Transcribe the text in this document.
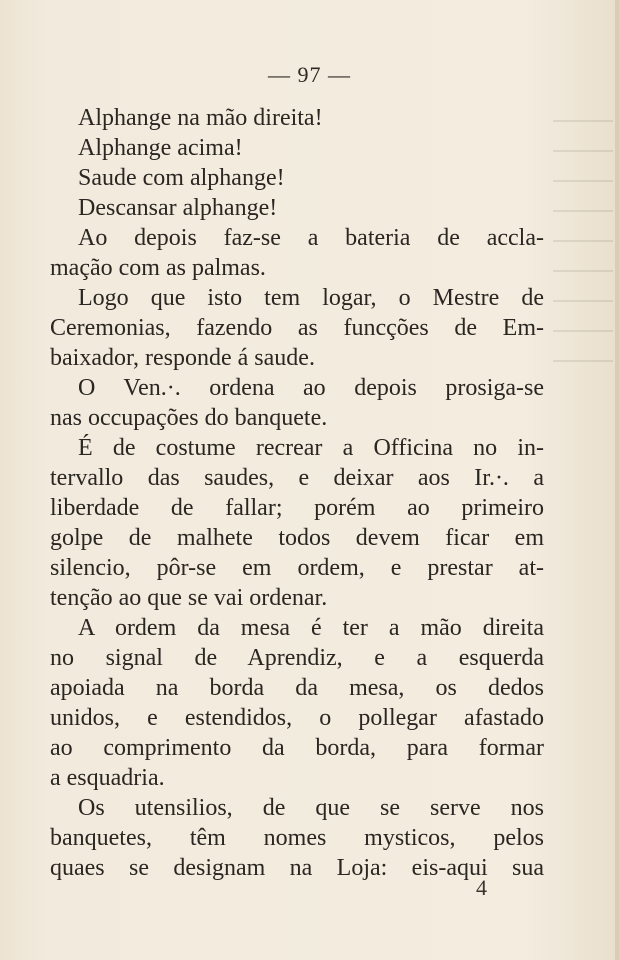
— 97 —
Alphange na mão direita!
Alphange acima!
Saude com alphange!
Descansar alphange!
Ao depois faz-se a bateria de accla-
mação com as palmas.
Logo que isto tem logar, o Mestre de
Ceremonias, fazendo as funcções de Em-
baixador, responde á saude.
O Ven.·. ordena ao depois prosiga-se
nas occupações do banquete.
É de costume recrear a Officina no in-
tervallo das saudes, e deixar aos Ir.·. a
liberdade de fallar; porém ao primeiro
golpe de malhete todos devem ficar em
silencio, pôr-se em ordem, e prestar at-
tenção ao que se vai ordenar.
A ordem da mesa é ter a mão direita
no signal de Aprendiz, e a esquerda
apoiada na borda da mesa, os dedos
unidos, e estendidos, o pollegar afastado
ao comprimento da borda, para formar
a esquadria.
Os utensilios, de que se serve nos
banquetes, têm nomes mysticos, pelos
quaes se designam na Loja: eis-aqui sua
4
